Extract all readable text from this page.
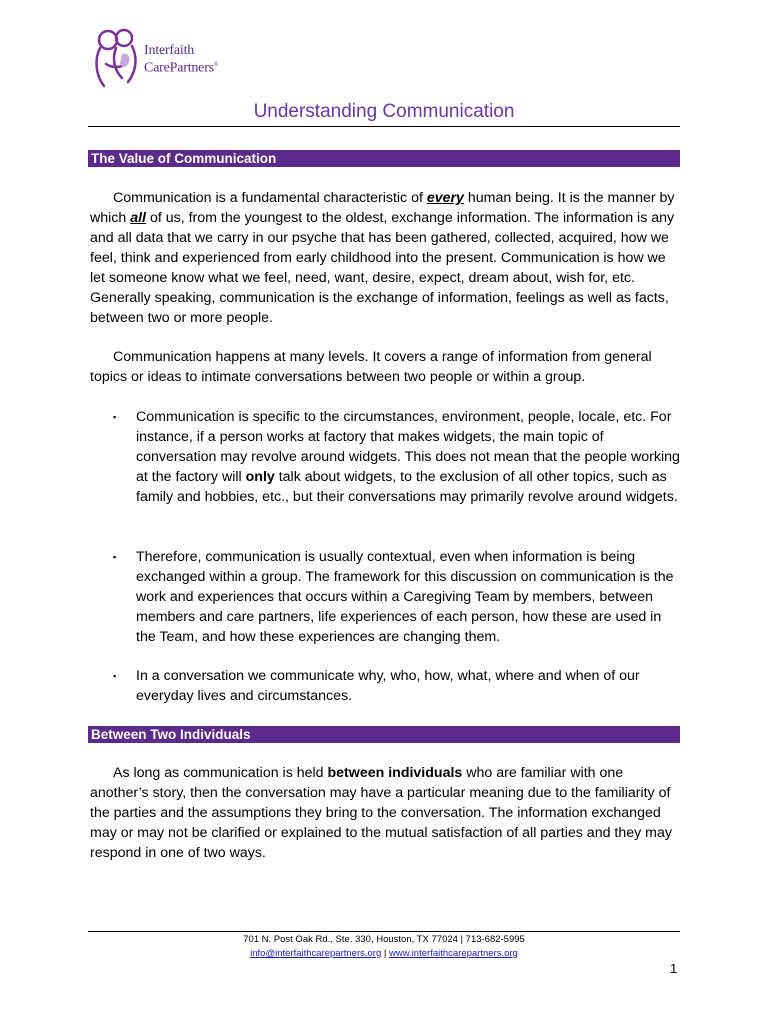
Interfaith
CarePartners®
Understanding Communication
The Value of Communication

Communication is a fundamental characteristic of every human being. It is the manner by which all of us, from the youngest to the oldest, exchange information. The information is any and all data that we carry in our psyche that has been gathered, collected, acquired, how we feel, think and experienced from early childhood into the present. Communication is how we let someone know what we feel, need, want, desire, expect, dream about, wish for, etc. Generally speaking, communication is the exchange of information, feelings as well as facts, between two or more people.

Communication happens at many levels. It covers a range of information from general topics or ideas to intimate conversations between two people or within a group.

▪ Communication is specific to the circumstances, environment, people, locale, etc. For instance, if a person works at factory that makes widgets, the main topic of conversation may revolve around widgets. This does not mean that the people working at the factory will only talk about widgets, to the exclusion of all other topics, such as family and hobbies, etc., but their conversations may primarily revolve around widgets.
▪ Therefore, communication is usually contextual, even when information is being exchanged within a group. The framework for this discussion on communication is the work and experiences that occurs within a Caregiving Team by members, between members and care partners, life experiences of each person, how these are used in the Team, and how these experiences are changing them.
▪ In a conversation we communicate why, who, how, what, where and when of our everyday lives and circumstances.
Between Two Individuals

As long as communication is held between individuals who are familiar with one another’s story, then the conversation may have a particular meaning due to the familiarity of the parties and the assumptions they bring to the conversation. The information exchanged may or may not be clarified or explained to the mutual satisfaction of all parties and they may respond in one of two ways.

701 N. Post Oak Rd., Ste. 330, Houston, TX 77024 | 713-682-5995
info@interfaithcarepartners.org | www.interfaithcarepartners.org
1
